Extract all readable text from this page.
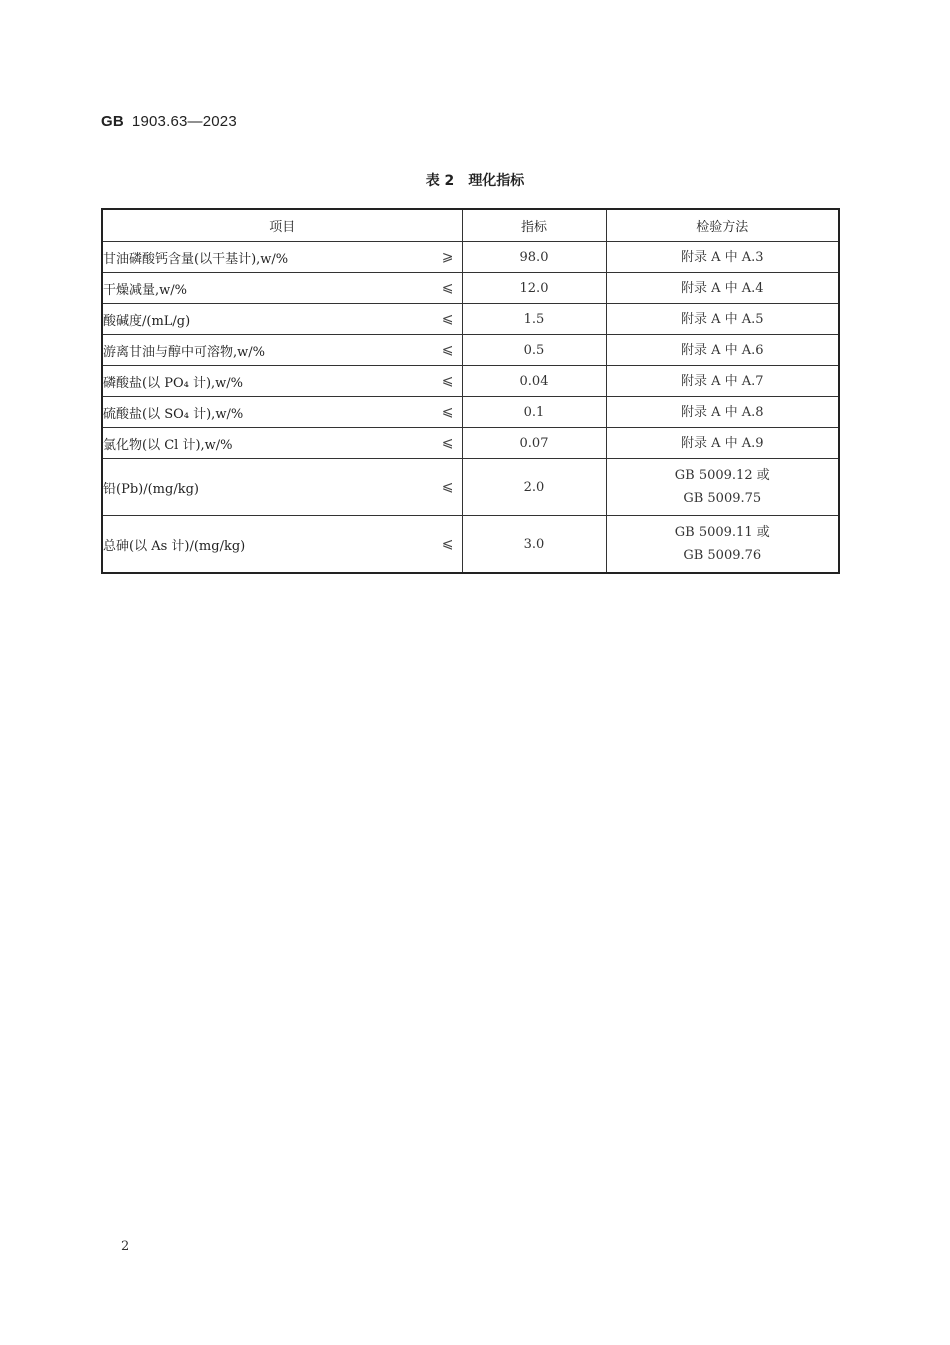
GB 1903.63—2023
表 2 理化指标
项目	指标	检验方法
甘油磷酸钙含量(以干基计),w/% ⩾	98.0	附录 A 中 A.3

干燥减量,w/% ⩽	12.0	附录 A 中 A.4

酸碱度/(mL/g) ⩽	1.5	附录 A 中 A.5

游离甘油与醇中可溶物,w/% ⩽	0.5	附录 A 中 A.6

磷酸盐(以 PO₄ 计),w/% ⩽	0.04	附录 A 中 A.7

硫酸盐(以 SO₄ 计),w/% ⩽	0.1	附录 A 中 A.8

氯化物(以 Cl 计),w/% ⩽	0.07	附录 A 中 A.9

铅(Pb)/(mg/kg) ⩽	2.0	GB 5009.12 或
GB 5009.75

总砷(以 As 计)/(mg/kg) ⩽	3.0	GB 5009.11 或
GB 5009.76
2
